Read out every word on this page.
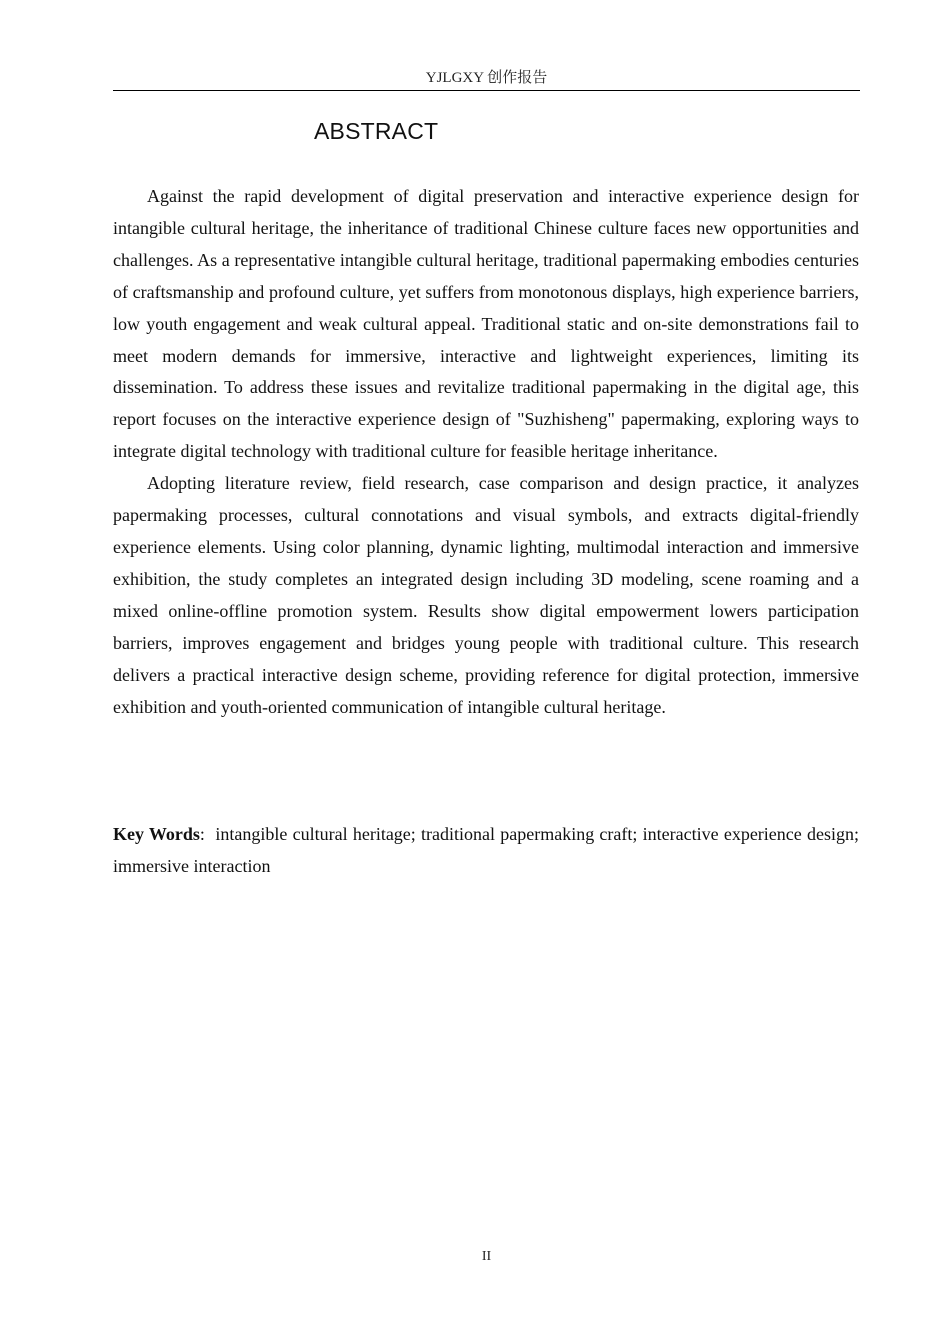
YJLGXY 创作报告
ABSTRACT

Against the rapid development of digital preservation and interactive experience design for intangible cultural heritage, the inheritance of traditional Chinese culture faces new opportunities and challenges. As a representative intangible cultural heritage, traditional papermaking embodies centuries of craftsmanship and profound culture, yet suffers from monotonous displays, high experience barriers, low youth engagement and weak cultural appeal. Traditional static and on-site demonstrations fail to meet modern demands for immersive, interactive and lightweight experiences, limiting its dissemination. To address these issues and revitalize traditional papermaking in the digital age, this report focuses on the interactive experience design of "Suzhisheng" papermaking, exploring ways to integrate digital technology with traditional culture for feasible heritage inheritance.

Adopting literature review, field research, case comparison and design practice, it analyzes papermaking processes, cultural connotations and visual symbols, and extracts digital-friendly experience elements. Using color planning, dynamic lighting, multimodal interaction and immersive exhibition, the study completes an integrated design including 3D modeling, scene roaming and a mixed online-offline promotion system. Results show digital empowerment lowers participation barriers, improves engagement and bridges young people with traditional culture. This research delivers a practical interactive design scheme, providing reference for digital protection, immersive exhibition and youth-oriented communication of intangible cultural heritage.

Key Words: intangible cultural heritage; traditional papermaking craft; interactive experience design; immersive interaction

II
